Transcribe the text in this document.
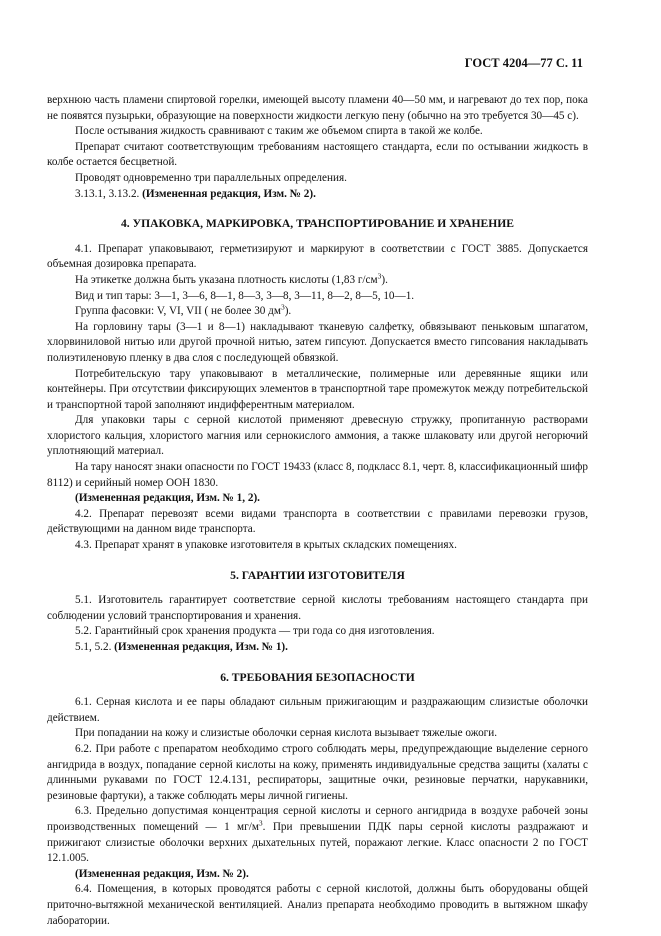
ГОСТ 4204—77 С. 11

верхнюю часть пламени спиртовой горелки, имеющей высоту пламени 40—50 мм, и нагревают до тех пор, пока не появятся пузырьки, образующие на поверхности жидкости легкую пену (обычно на это требуется 30—45 с).

После остывания жидкость сравнивают с таким же объемом спирта в такой же колбе.

Препарат считают соответствующим требованиям настоящего стандарта, если по остывании жидкость в колбе остается бесцветной.

Проводят одновременно три параллельных определения.

3.13.1, 3.13.2. (Измененная редакция, Изм. № 2).

4. УПАКОВКА, МАРКИРОВКА, ТРАНСПОРТИРОВАНИЕ И ХРАНЕНИЕ

4.1. Препарат упаковывают, герметизируют и маркируют в соответствии с ГОСТ 3885. Допускается объемная дозировка препарата.

На этикетке должна быть указана плотность кислоты (1,83 $г/см^3$).

Вид и тип тары: 3—1, 3—6, 8—1, 8—3, 3—8, 3—11, 8—2, 8—5, 10—1.

Группа фасовки: V, VI, VII ( не более 30 $дм^3$).

На горловину тары (3—1 и 8—1) накладывают тканевую салфетку, обвязывают пеньковым шпагатом, хлорвиниловой нитью или другой прочной нитью, затем гипсуют. Допускается вместо гипсования накладывать полиэтиленовую пленку в два слоя с последующей обвязкой.

Потребительскую тару упаковывают в металлические, полимерные или деревянные ящики или контейнеры. При отсутствии фиксирующих элементов в транспортной таре промежуток между потребительской и транспортной тарой заполняют индифферентным материалом.

Для упаковки тары с серной кислотой применяют древесную стружку, пропитанную растворами хлористого кальция, хлористого магния или сернокислого аммония, а также шлаковату или другой негорючий уплотняющий материал.

На тару наносят знаки опасности по ГОСТ 19433 (класс 8, подкласс 8.1, черт. 8, классификационный шифр 8112) и серийный номер ООН 1830.

(Измененная редакция, Изм. № 1, 2).

4.2. Препарат перевозят всеми видами транспорта в соответствии с правилами перевозки грузов, действующими на данном виде транспорта.

4.3. Препарат хранят в упаковке изготовителя в крытых складских помещениях.

5. ГАРАНТИИ ИЗГОТОВИТЕЛЯ

5.1. Изготовитель гарантирует соответствие серной кислоты требованиям настоящего стандарта при соблюдении условий транспортирования и хранения.

5.2. Гарантийный срок хранения продукта — три года со дня изготовления.

5.1, 5.2. (Измененная редакция, Изм. № 1).

6. ТРЕБОВАНИЯ БЕЗОПАСНОСТИ

6.1. Серная кислота и ее пары обладают сильным прижигающим и раздражающим слизистые оболочки действием.

При попадании на кожу и слизистые оболочки серная кислота вызывает тяжелые ожоги.

6.2. При работе с препаратом необходимо строго соблюдать меры, предупреждающие выделение серного ангидрида в воздух, попадание серной кислоты на кожу, применять индивидуальные средства защиты (халаты с длинными рукавами по ГОСТ 12.4.131, респираторы, защитные очки, резиновые перчатки, нарукавники, резиновые фартуки), а также соблюдать меры личной гигиены.

6.3. Предельно допустимая концентрация серной кислоты и серного ангидрида в воздухе рабочей зоны производственных помещений — 1 $мг/м^3$. При превышении ПДК пары серной кислоты раздражают и прижигают слизистые оболочки верхних дыхательных путей, поражают легкие. Класс опасности 2 по ГОСТ 12.1.005.

(Измененная редакция, Изм. № 2).

6.4. Помещения, в которых проводятся работы с серной кислотой, должны быть оборудованы общей приточно-вытяжной механической вентиляцией. Анализ препарата необходимо проводить в вытяжном шкафу лаборатории.
